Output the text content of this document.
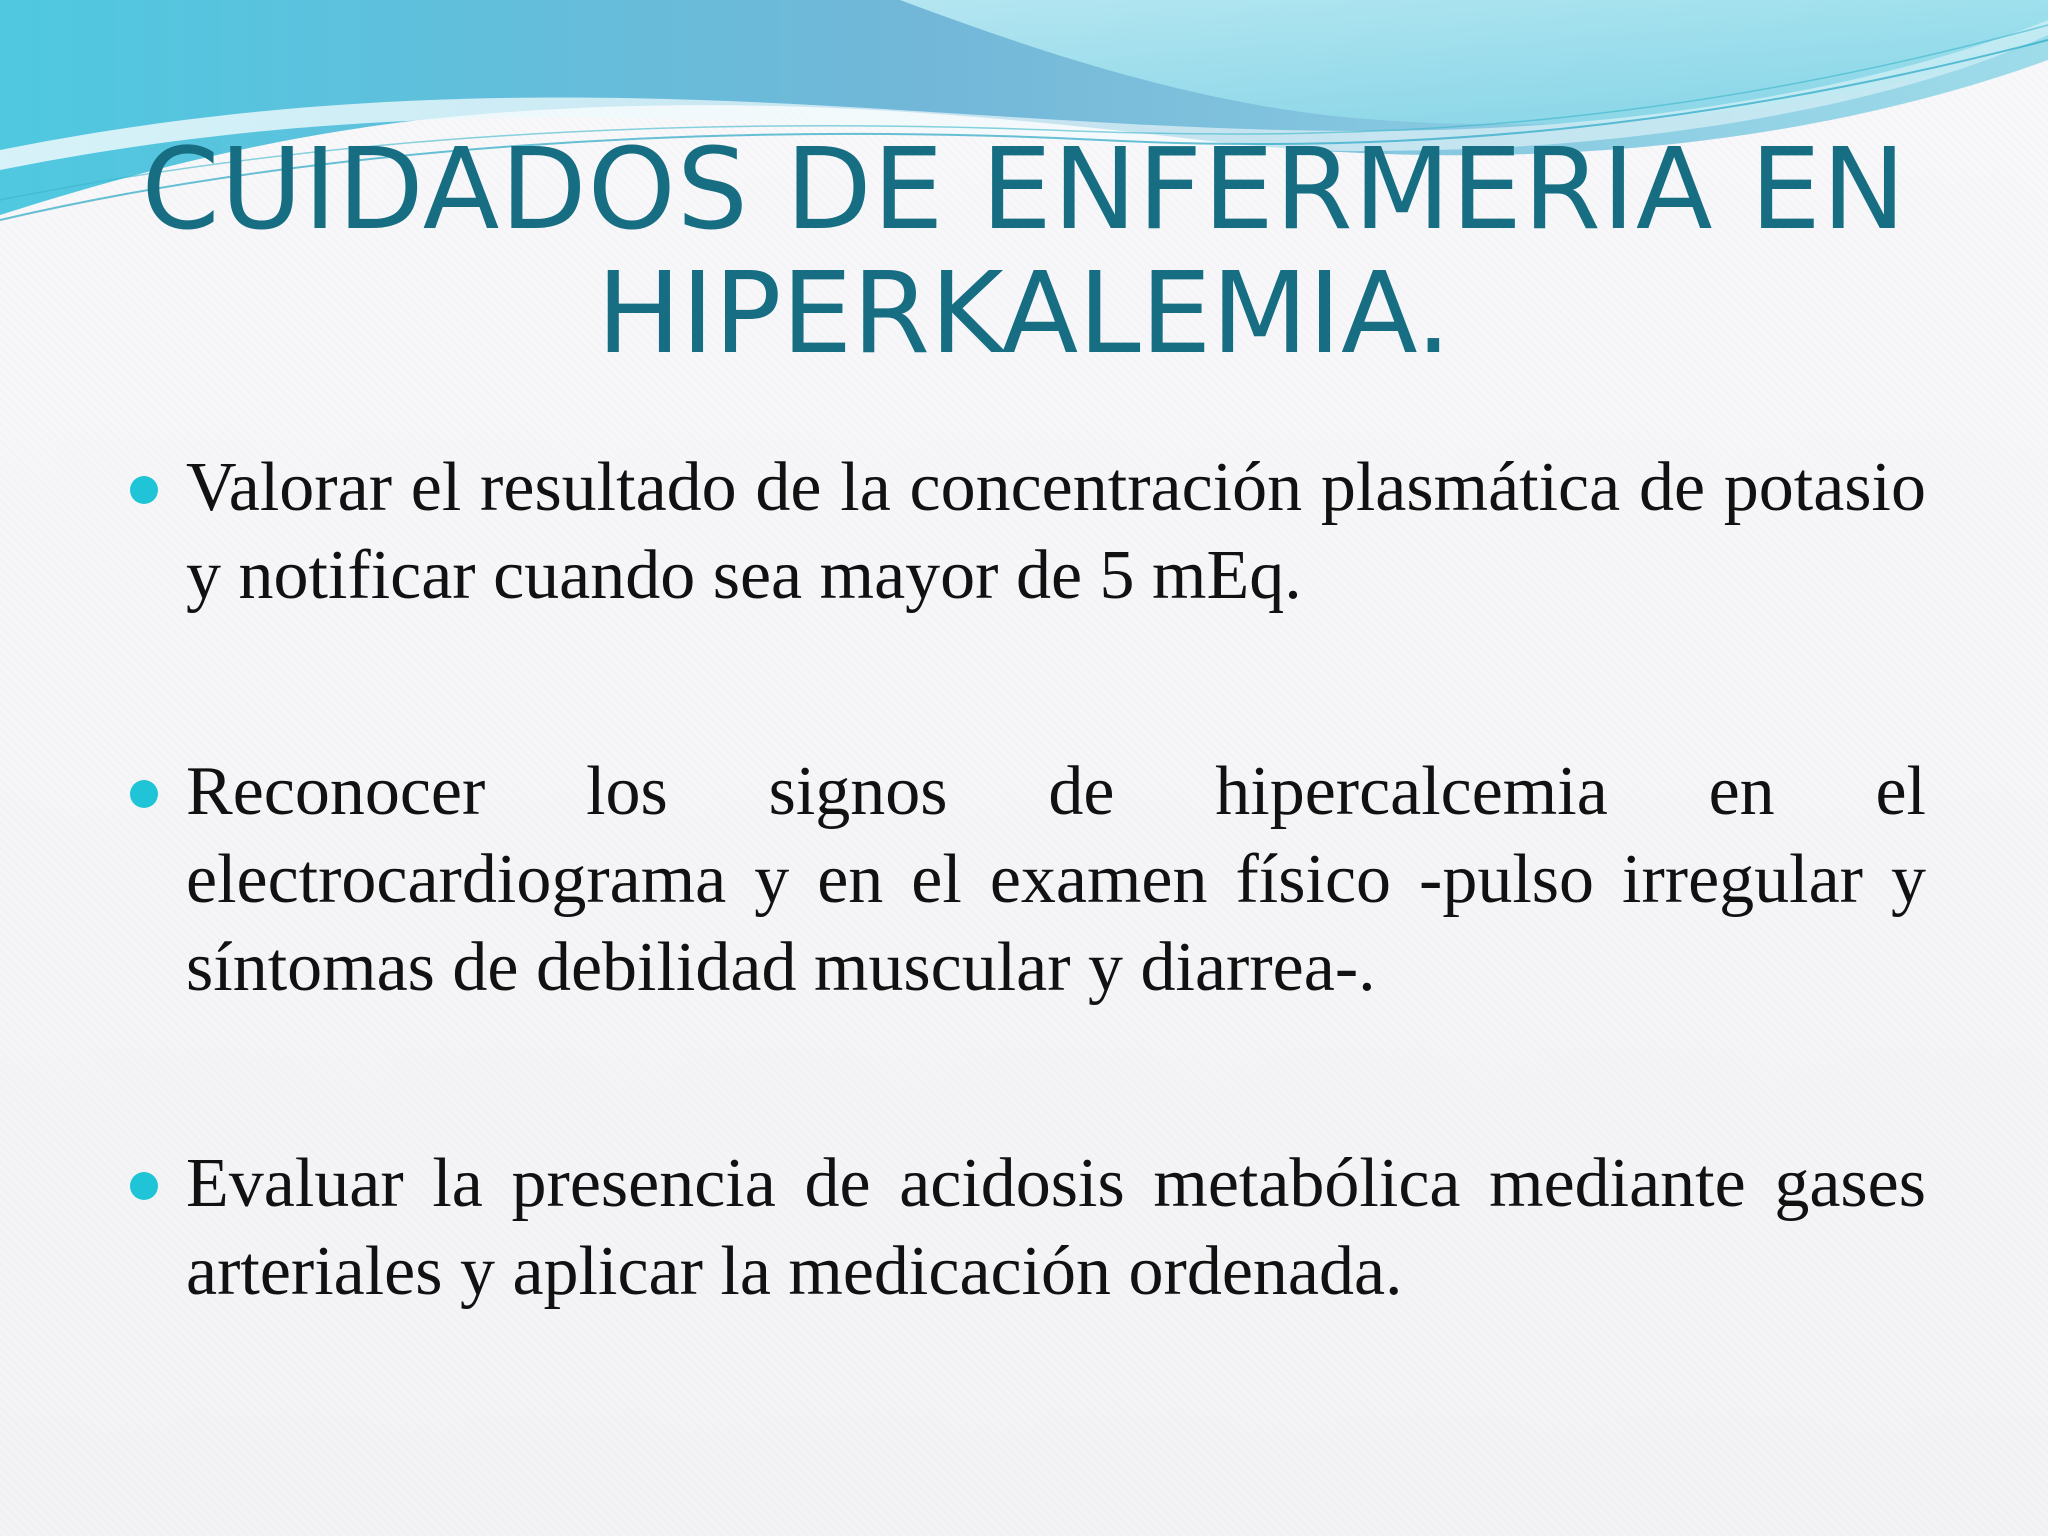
CUIDADOS DE ENFERMERIA EN
HIPERKALEMIA.
Valorar el resultado de la concentración plasmática de potasio y notificar cuando sea mayor de 5 mEq.
Reconocer los signos de hipercalcemia en el electrocardiograma y en el examen físico -pulso irregular y síntomas de debilidad muscular y diarrea-.
Evaluar la presencia de acidosis metabólica mediante gases arteriales y aplicar la medicación ordenada.
